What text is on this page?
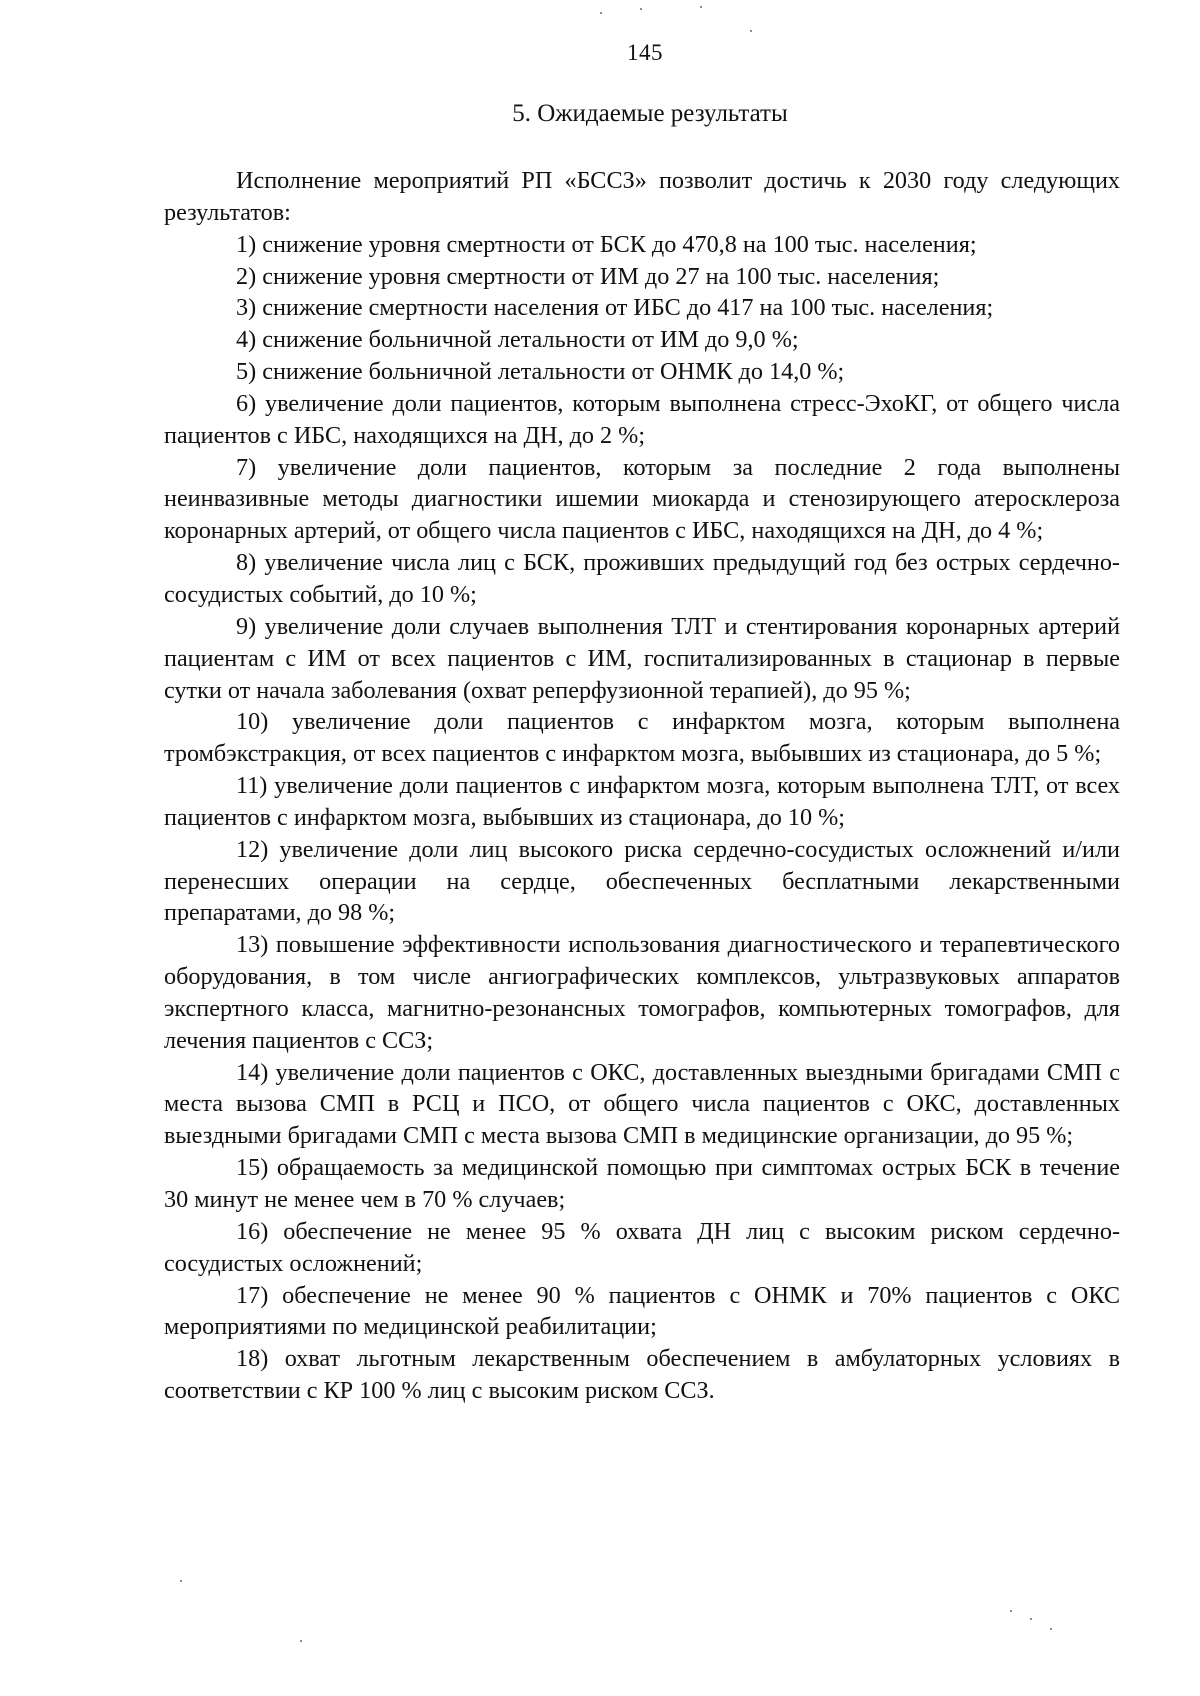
145
5. Ожидаемые результаты

Исполнение мероприятий РП «БССЗ» позволит достичь к 2030 году следующих результатов:

1) снижение уровня смертности от БСК до 470,8 на 100 тыс. населения;

2) снижение уровня смертности от ИМ до 27 на 100 тыс. населения;

3) снижение смертности населения от ИБС до 417 на 100 тыс. населения;

4) снижение больничной летальности от ИМ до 9,0 %;

5) снижение больничной летальности от ОНМК до 14,0 %;

6) увеличение доли пациентов, которым выполнена стресс-ЭхоКГ, от общего числа пациентов с ИБС, находящихся на ДН, до 2 %;

7) увеличение доли пациентов, которым за последние 2 года выполнены неинвазивные методы диагностики ишемии миокарда и стенозирующего атеросклероза коронарных артерий, от общего числа пациентов с ИБС, находящихся на ДН, до 4 %;

8) увеличение числа лиц с БСК, проживших предыдущий год без острых сердечно-сосудистых событий, до 10 %;

9) увеличение доли случаев выполнения ТЛТ и стентирования коронарных артерий пациентам с ИМ от всех пациентов с ИМ, госпитализированных в стационар в первые сутки от начала заболевания (охват реперфузионной терапией), до 95 %;

10) увеличение доли пациентов с инфарктом мозга, которым выполнена тромбэкстракция, от всех пациентов с инфарктом мозга, выбывших из стационара, до 5 %;

11) увеличение доли пациентов с инфарктом мозга, которым выполнена ТЛТ, от всех пациентов с инфарктом мозга, выбывших из стационара, до 10 %;

12) увеличение доли лиц высокого риска сердечно-сосудистых осложнений и/или перенесших операции на сердце, обеспеченных бесплатными лекарственными препаратами, до 98 %;

13) повышение эффективности использования диагностического и терапевтического оборудования, в том числе ангиографических комплексов, ультразвуковых аппаратов экспертного класса, магнитно-резонансных томографов, компьютерных томографов, для лечения пациентов с ССЗ;

14) увеличение доли пациентов с ОКС, доставленных выездными бригадами СМП с места вызова СМП в РСЦ и ПСО, от общего числа пациентов с ОКС, доставленных выездными бригадами СМП с места вызова СМП в медицинские организации, до 95 %;

15) обращаемость за медицинской помощью при симптомах острых БСК в течение 30 минут не менее чем в 70 % случаев;

16) обеспечение не менее 95 % охвата ДН лиц с высоким риском сердечно-сосудистых осложнений;

17) обеспечение не менее 90 % пациентов с ОНМК и 70% пациентов с ОКС мероприятиями по медицинской реабилитации;

18) охват льготным лекарственным обеспечением в амбулаторных условиях в соответствии с КР 100 % лиц с высоким риском ССЗ.
